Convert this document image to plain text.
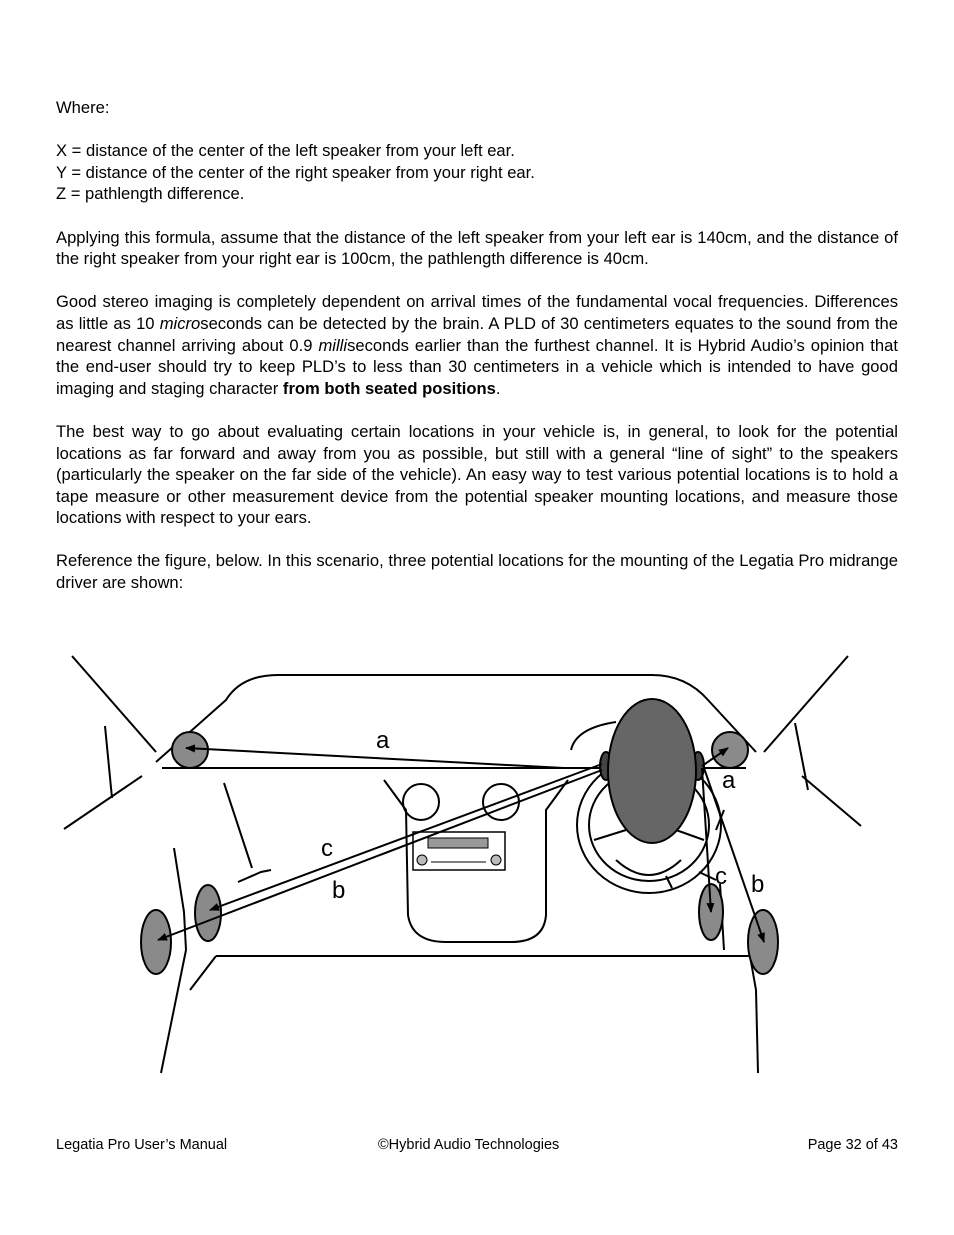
Where:

X = distance of the center of the left speaker from your left ear.
Y = distance of the center of the right speaker from your right ear.
Z = pathlength difference.

Applying this formula, assume that the distance of the left speaker from your left ear is 140cm, and the distance of the right speaker from your right ear is 100cm, the pathlength difference is 40cm.

Good stereo imaging is completely dependent on arrival times of the fundamental vocal frequencies. Differences as little as 10 microseconds can be detected by the brain. A PLD of 30 centimeters equates to the sound from the nearest channel arriving about 0.9 milliseconds earlier than the furthest channel. It is Hybrid Audio’s opinion that the end-user should try to keep PLD’s to less than 30 centimeters in a vehicle which is intended to have good imaging and staging character from both seated positions.

The best way to go about evaluating certain locations in your vehicle is, in general, to look for the potential locations as far forward and away from you as possible, but still with a general “line of sight” to the speakers (particularly the speaker on the far side of the vehicle). An easy way to test various potential locations is to hold a tape measure or other measurement device from the potential speaker mounting locations, and measure those locations with respect to your ears.

Reference the figure, below. In this scenario, three potential locations for the mounting of the Legatia Pro midrange driver are shown:

a
a
c
b
c b
Legatia Pro User’s Manual	©Hybrid Audio Technologies	Page 32 of 43
